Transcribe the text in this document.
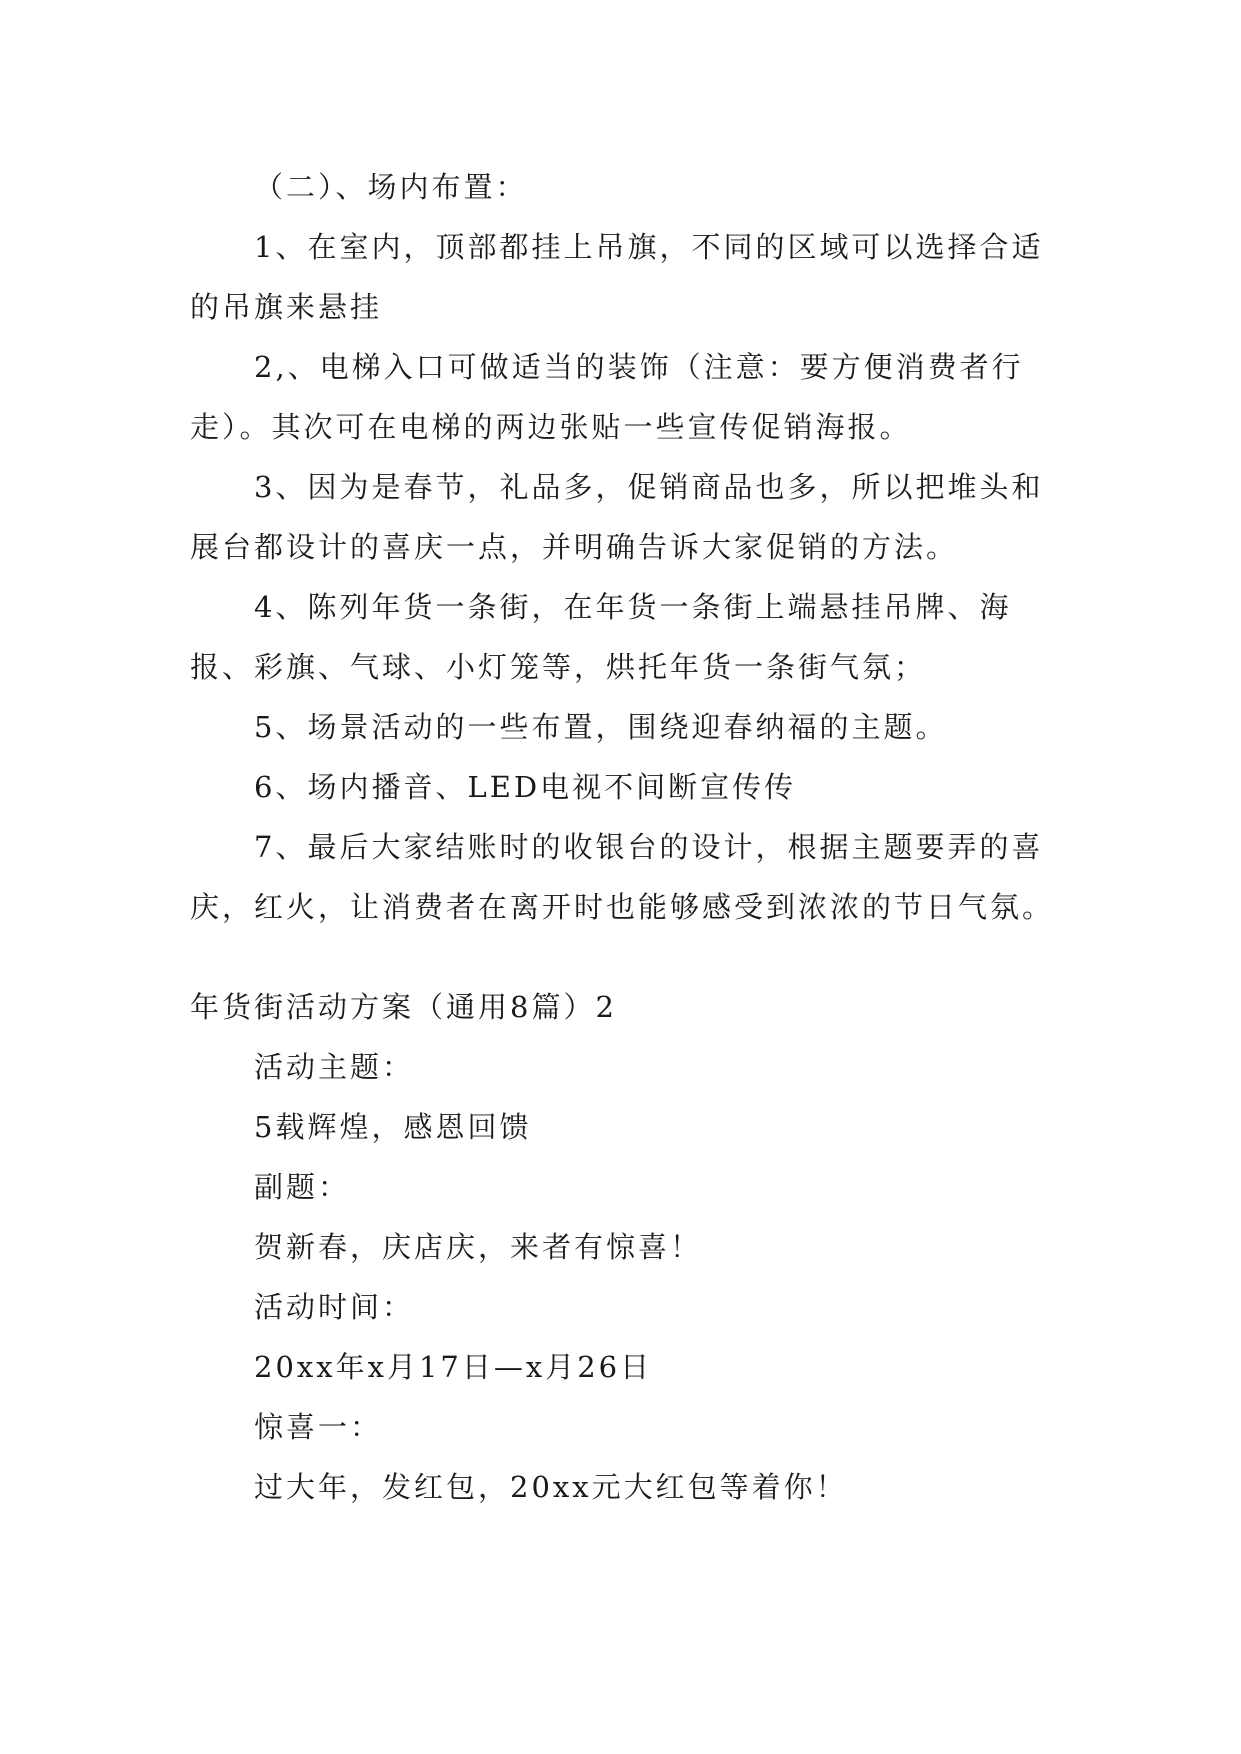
（二）、场内布置：

1、在室内，顶部都挂上吊旗，不同的区域可以选择合适的吊旗来悬挂

2,、电梯入口可做适当的装饰（注意：要方便消费者行走）。其次可在电梯的两边张贴一些宣传促销海报。

3、因为是春节，礼品多，促销商品也多，所以把堆头和展台都设计的喜庆一点，并明确告诉大家促销的方法。

4、陈列年货一条街，在年货一条街上端悬挂吊牌、海报、彩旗、气球、小灯笼等，烘托年货一条街气氛；

5、场景活动的一些布置，围绕迎春纳福的主题。

6、场内播音、LED电视不间断宣传传

7、最后大家结账时的收银台的设计，根据主题要弄的喜庆，红火，让消费者在离开时也能够感受到浓浓的节日气氛。

年货街活动方案（通用8篇）2

活动主题：

5载辉煌，感恩回馈

副题：

贺新春，庆店庆，来者有惊喜！

活动时间：

20xx年x月17日—x月26日

惊喜一：

过大年，发红包，20xx元大红包等着你！
